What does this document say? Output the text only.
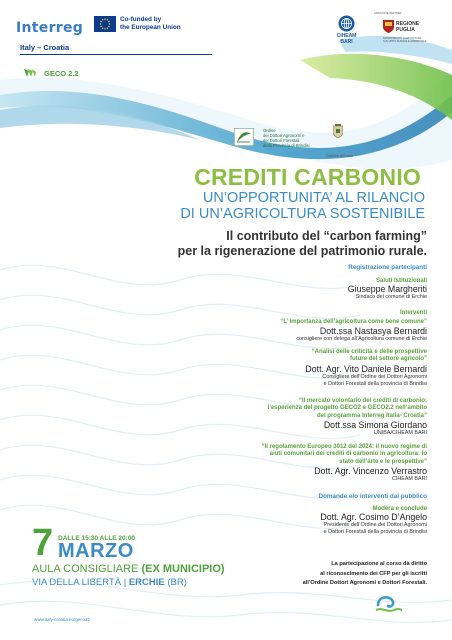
Interreg
Co-funded by
the European Union
Italy – Croatia
GECO 2.2
CIHEAM
BARI
ASSOCIATE PARTNER
REGIONE
PUGLIA
DIPARTIMENTO AGRICOLTURA SVILUPPO RURALE E AMBIENTALE
Ordine
dei Dottori Agronomi e
dei Dottori Forestali
della Provincia di Brindisi
Comune di Erchie
CREDITI CARBONIO
UN’OPPORTUNITA’ AL RILANCIO
DI UN’AGRICOLTURA SOSTENIBILE
Il contributo del “carbon farming”
per la rigenerazione del patrimonio rurale.
Registrazione partecipanti
Saluti Istituzionali
Giuseppe Margheriti
Sindaco del comune di Erchie
Interventi
“L’ importanza dell’agricoltura come bene comune”
Dott.ssa Nastasya Bernardi
consigliere con delega all’Agricoltura comune di Erchie
“Analisi delle criticità e delle prospettive
future del settore agricolo”
Dott. Agr. Vito Daniele Bernardi
Consigliere dell’Ordine dei Dottori Agronomi
e Dottori Forestali della provincia di Brindisi
“Il mercato volontario dei crediti di carbonio:
l’esperienza del progetto GECO2 e GECO2.2 nell’ambito
del programma Interreg Italia- Croatia”
Dott.ssa Simona Giordano
UNIBA/CIHEAM BARI
“Il regolamento Europeo 3012 del 2024: il nuovo regime di
aiuti comunitari dei crediti di carbonio in agricoltura: lo
stato dell’arte e le prospettive”
Dott. Agr. Vincenzo Verrastro
CIHEAM BARI
Domande e/o interventi dal pubblico
Modera e conclude
Dott. Agr. Cosimo D’Angelo
Presidente dell’Ordine dei Dottori Agronomi
e Dottori Forestali della provincia di Brindisi
7 DALLE 15:30 ALLE 20:00
MARZO
AULA CONSIGLIARE (EX MUNICIPIO)
VIA DELLA LIBERTÀ | ERCHIE (BR)
La partecipazione al corso dà diritto
al riconoscimento dei CFP per gli iscritti
all’Ordine Dottori Agronomi e Dottori Forestali.
www.italy-croatia.eu/geco22
